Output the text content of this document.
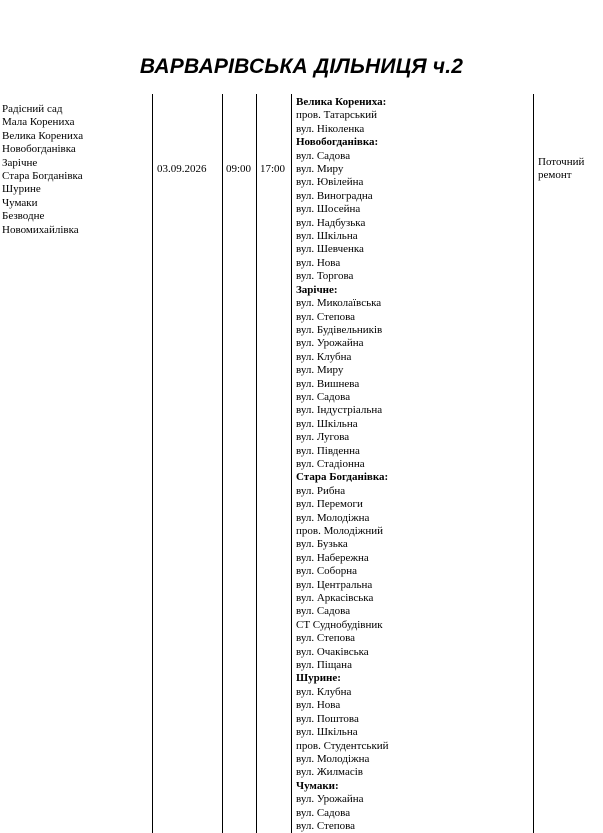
ВАРВАРІВСЬКА ДІЛЬНИЦЯ ч.2
Радісний сад
Мала Корениха
Велика Корениха
Новобогданівка
Зарічне
Стара Богданівка
Шурине
Чумаки
Безводне
Новомихайлівка
03.09.2026 09:00 17:00
Велика Корениха:
пров. Татарський
вул. Ніколенка
Новобогданівка:
вул. Садова
вул. Миру
вул. Ювілейна
вул. Виноградна
вул. Шосейна
вул. Надбузька
вул. Шкільна
вул. Шевченка
вул. Нова
вул. Торгова
Зарічне:
вул. Миколаївська
вул. Степова
вул. Будівельників
вул. Урожайна
вул. Клубна
вул. Миру
вул. Вишнева
вул. Садова
вул. Індустріальна
вул. Шкільна
вул. Лугова
вул. Південна
вул. Стадіонна
Стара Богданівка:
вул. Рибна
вул. Перемоги
вул. Молодіжна
пров. Молодіжний
вул. Бузька
вул. Набережна
вул. Соборна
вул. Центральна
вул. Аркасівська
вул. Садова
СТ Суднобудівник
вул. Степова
вул. Очаківська
вул. Піщана
Шурине:
вул. Клубна
вул. Нова
вул. Поштова
вул. Шкільна
пров. Студентський
вул. Молодіжна
вул. Жилмасів
Чумаки:
вул. Урожайна
вул. Садова
вул. Степова
Поточний
ремонт
